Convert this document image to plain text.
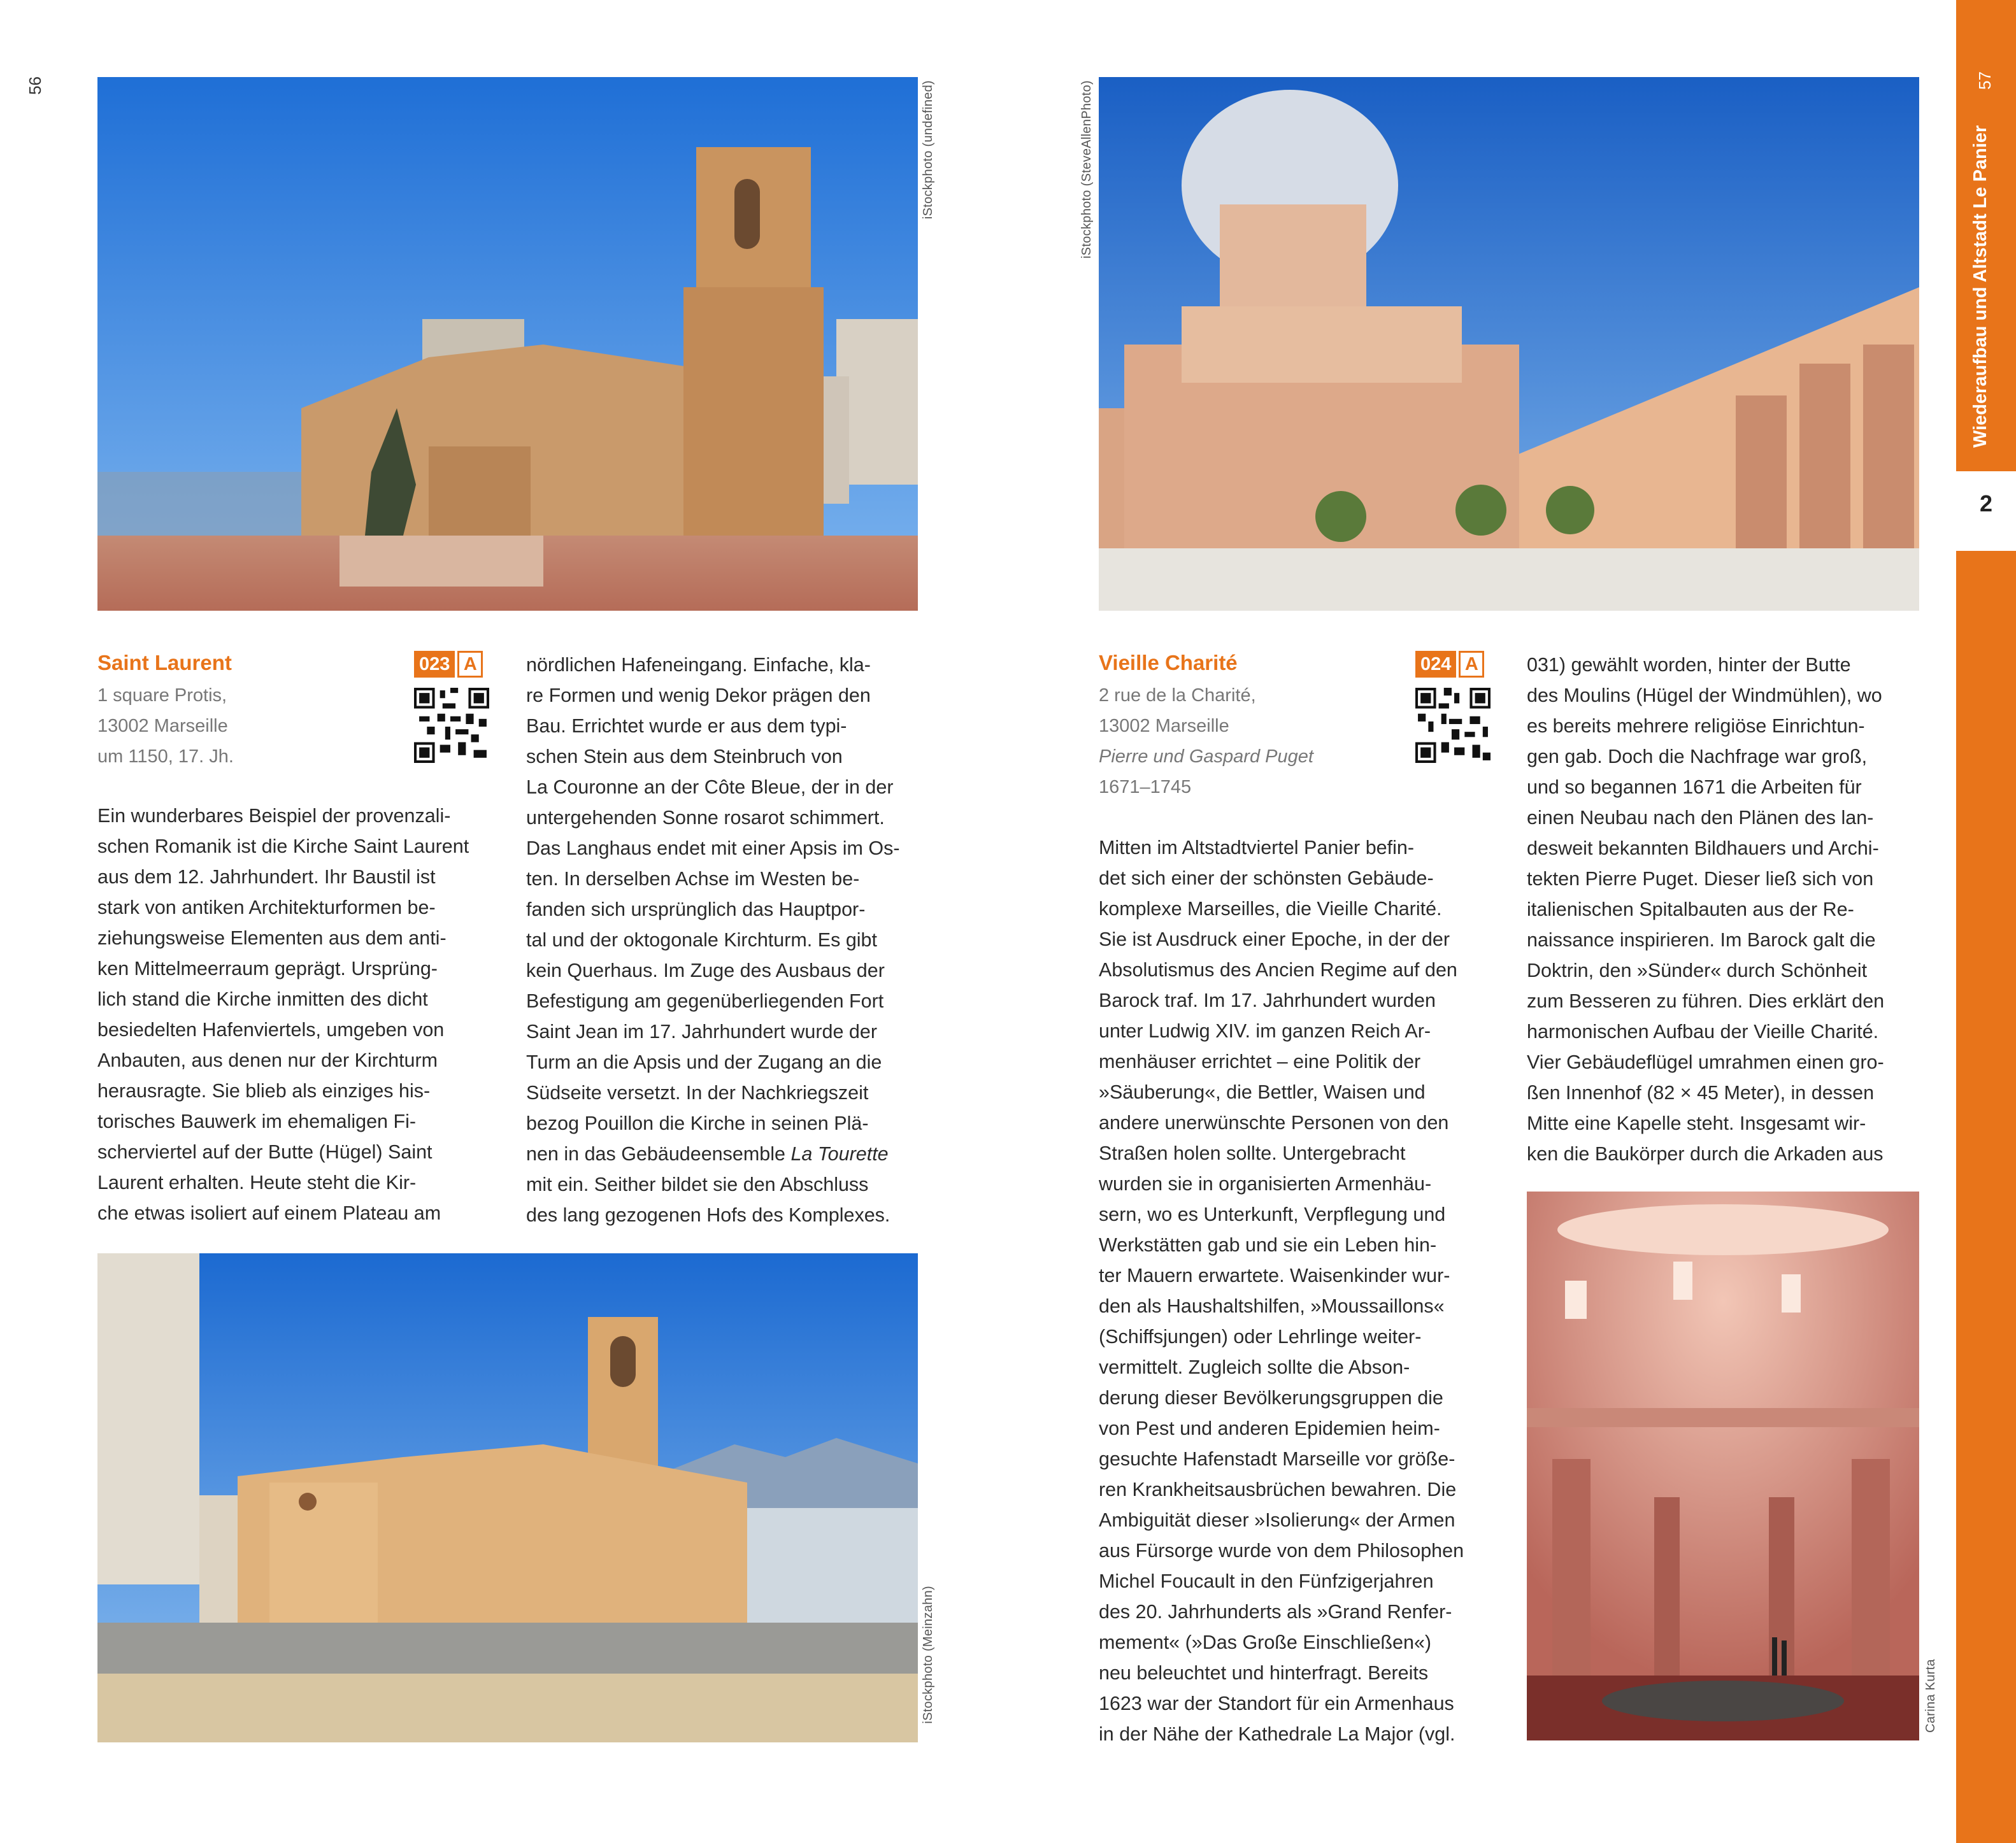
56	iStockphoto (undefined)
Saint Laurent	023 A
1 square Protis,
13002 Marseille
um 1150, 17. Jh.

Ein wunderbares Beispiel der provenzali-

schen Romanik ist die Kirche Saint Laurent

aus dem 12. Jahrhundert. Ihr Baustil ist

stark von antiken Architekturformen be-

ziehungsweise Elementen aus dem anti-

ken Mittelmeerraum geprägt. Ursprüng-

lich stand die Kirche inmitten des dicht

besiedelten Hafenviertels, umgeben von

Anbauten, aus denen nur der Kirchturm

herausragte. Sie blieb als einziges his-

torisches Bauwerk im ehemaligen Fi-

scherviertel auf der Butte (Hügel) Saint

Laurent erhalten. Heute steht die Kir-

che etwas isoliert auf einem Plateau am

nördlichen Hafeneingang. Einfache, kla-

re Formen und wenig Dekor prägen den

Bau. Errichtet wurde er aus dem typi-

schen Stein aus dem Steinbruch von

La Couronne an der Côte Bleue, der in der

untergehenden Sonne rosarot schimmert.

Das Langhaus endet mit einer Apsis im Os-

ten. In derselben Achse im Westen be-

fanden sich ursprünglich das Hauptpor-

tal und der oktogonale Kirchturm. Es gibt

kein Querhaus. Im Zuge des Ausbaus der

Befestigung am gegenüberliegenden Fort

Saint Jean im 17. Jahrhundert wurde der

Turm an die Apsis und der Zugang an die

Südseite versetzt. In der Nachkriegszeit

bezog Pouillon die Kirche in seinen Plä-

nen in das Gebäudeensemble La Tourette

mit ein. Seither bildet sie den Abschluss

des lang gezogenen Hofs des Komplexes.

iStockphoto (Meinzahn)
iStockphoto (SteveAllenPhoto)
Vieille Charité	024 A
2 rue de la Charité,
13002 Marseille
Pierre und Gaspard Puget
1671–1745

Mitten im Altstadtviertel Panier befin-

det sich einer der schönsten Gebäude-

komplexe Marseilles, die Vieille Charité.

Sie ist Ausdruck einer Epoche, in der der

Absolutismus des Ancien Regime auf den

Barock traf. Im 17. Jahrhundert wurden

unter Ludwig XIV. im ganzen Reich Ar-

menhäuser errichtet – eine Politik der

»Säuberung«, die Bettler, Waisen und

andere unerwünschte Personen von den

Straßen holen sollte. Untergebracht

wurden sie in organisierten Armenhäu-

sern, wo es Unterkunft, Verpflegung und

Werkstätten gab und sie ein Leben hin-

ter Mauern erwartete. Waisenkinder wur-

den als Haushaltshilfen, »Moussaillons«

(Schiffsjungen) oder Lehrlinge weiter-

vermittelt. Zugleich sollte die Abson-

derung dieser Bevölkerungsgruppen die

von Pest und anderen Epidemien heim-

gesuchte Hafenstadt Marseille vor größe-

ren Krankheitsausbrüchen bewahren. Die

Ambiguität dieser »Isolierung« der Armen

aus Fürsorge wurde von dem Philosophen

Michel Foucault in den Fünfzigerjahren

des 20. Jahrhunderts als »Grand Renfer-

mement« (»Das Große Einschließen«)

neu beleuchtet und hinterfragt. Bereits

1623 war der Standort für ein Armenhaus

in der Nähe der Kathedrale La Major (vgl.

031) gewählt worden, hinter der Butte

des Moulins (Hügel der Windmühlen), wo

es bereits mehrere religiöse Einrichtun-

gen gab. Doch die Nachfrage war groß,

und so begannen 1671 die Arbeiten für

einen Neubau nach den Plänen des lan-

desweit bekannten Bildhauers und Archi-

tekten Pierre Puget. Dieser ließ sich von

italienischen Spitalbauten aus der Re-

naissance inspirieren. Im Barock galt die

Doktrin, den »Sünder« durch Schönheit

zum Besseren zu führen. Dies erklärt den

harmonischen Aufbau der Vieille Charité.

Vier Gebäudeflügel umrahmen einen gro-

ßen Innenhof (82 × 45 Meter), in dessen

Mitte eine Kapelle steht. Insgesamt wir-

ken die Baukörper durch die Arkaden aus

Carina Kurta
57
Wiederaufbau und Altstadt Le Panier
2
